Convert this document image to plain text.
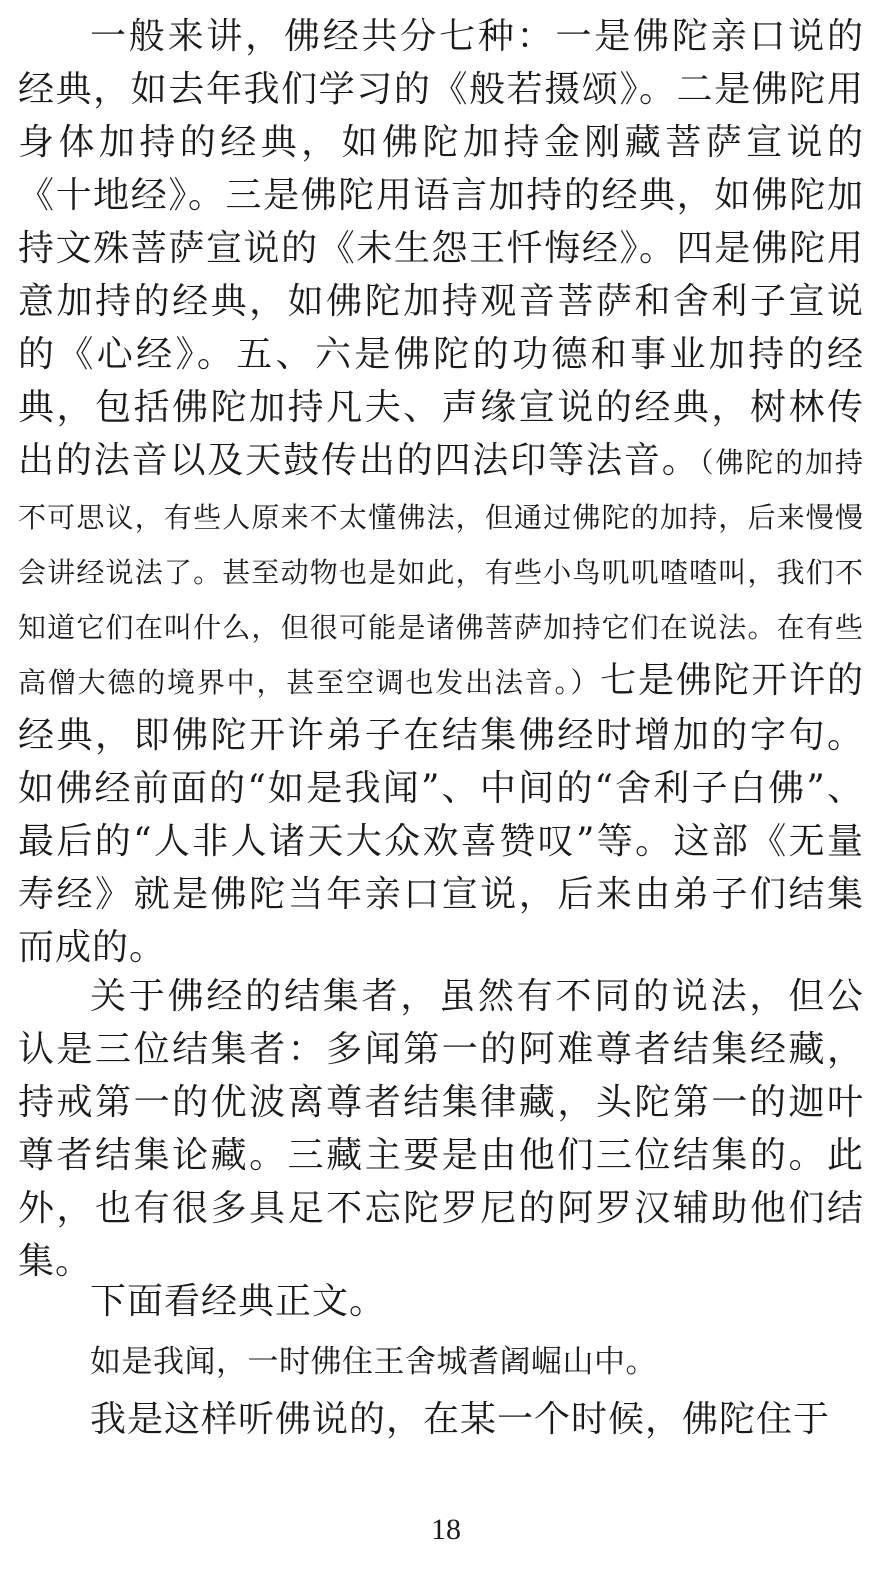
一般来讲，佛经共分七种：一是佛陀亲口说的经典，如去年我们学习的《般若摄颂》。二是佛陀用身体加持的经典，如佛陀加持金刚藏菩萨宣说的《十地经》。三是佛陀用语言加持的经典，如佛陀加持文殊菩萨宣说的《未生怨王忏悔经》。四是佛陀用意加持的经典，如佛陀加持观音菩萨和舍利子宣说的《心经》。五、六是佛陀的功德和事业加持的经典，包括佛陀加持凡夫、声缘宣说的经典，树林传出的法音以及天鼓传出的四法印等法音。（佛陀的加持不可思议，有些人原来不太懂佛法，但通过佛陀的加持，后来慢慢会讲经说法了。甚至动物也是如此，有些小鸟叽叽喳喳叫，我们不知道它们在叫什么，但很可能是诸佛菩萨加持它们在说法。在有些高僧大德的境界中，甚至空调也发出法音。）七是佛陀开许的经典，即佛陀开许弟子在结集佛经时增加的字句。如佛经前面的“如是我闻”、中间的“舍利子白佛”、最后的“人非人诸天大众欢喜赞叹”等。这部《无量寿经》就是佛陀当年亲口宣说，后来由弟子们结集而成的。

关于佛经的结集者，虽然有不同的说法，但公认是三位结集者：多闻第一的阿难尊者结集经藏，持戒第一的优波离尊者结集律藏，头陀第一的迦叶尊者结集论藏。三藏主要是由他们三位结集的。此外，也有很多具足不忘陀罗尼的阿罗汉辅助他们结集。

下面看经典正文。

如是我闻，一时佛住王舍城耆阇崛山中。

我是这样听佛说的，在某一个时候，佛陀住于

18
